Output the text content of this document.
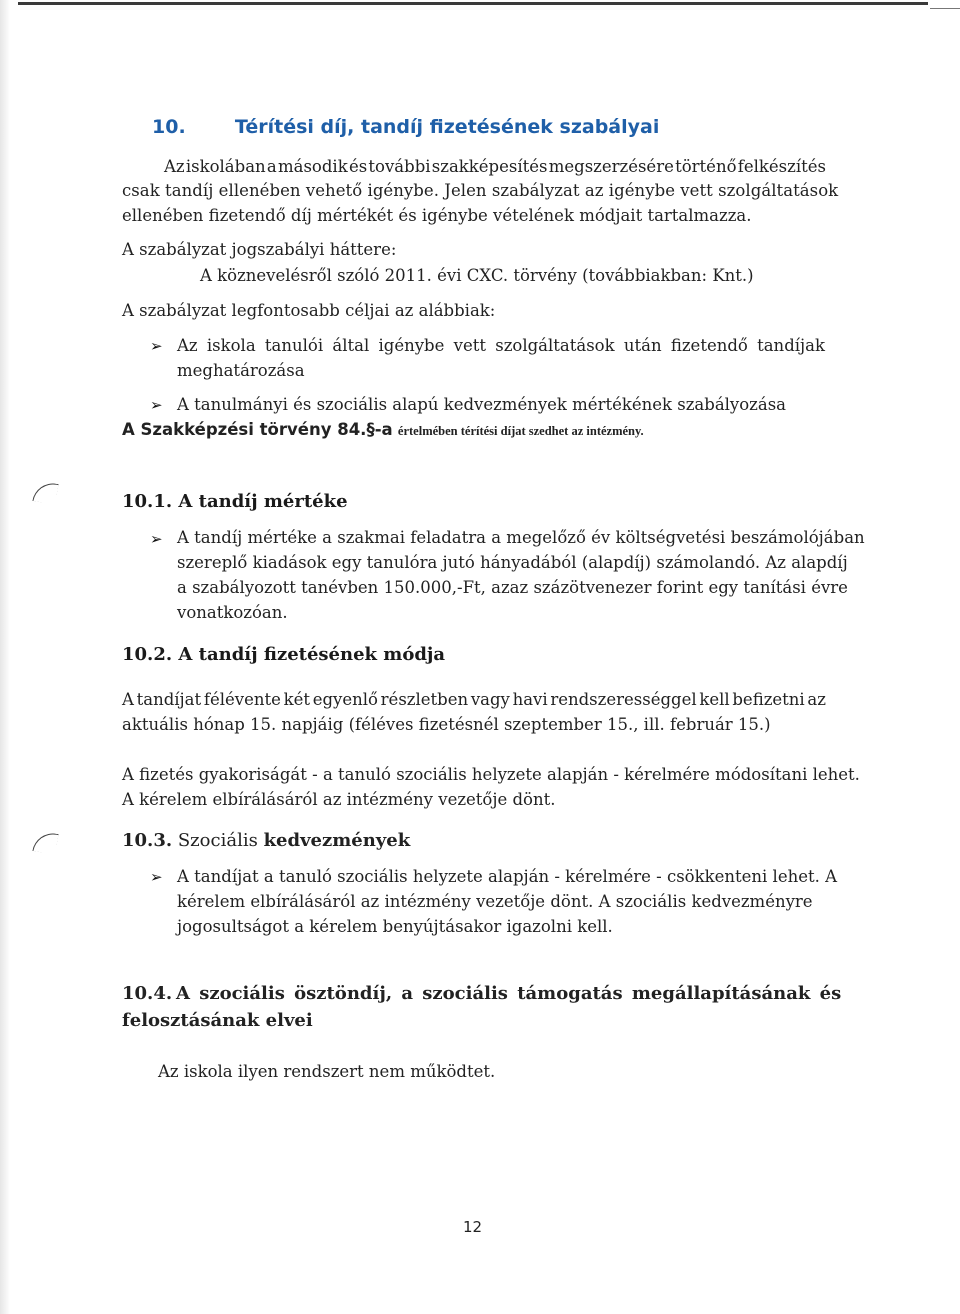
10.	Térítési díj, tandíj fizetésének szabályai
Az iskolában a második és további szakképesítés megszerzésére történő felkészítés
csak tandíj ellenében vehető igénybe. Jelen szabályzat az igénybe vett szolgáltatások
ellenében fizetendő díj mértékét és igénybe vételének módjait tartalmazza.
A szabályzat jogszabályi háttere:
A köznevelésről szóló 2011. évi CXC. törvény (továbbiakban: Knt.)
A szabályzat legfontosabb céljai az alábbiak:
➢ Az iskola tanulói által igénybe vett szolgáltatások után fizetendő tandíjak
meghatározása
➢ A tanulmányi és szociális alapú kedvezmények mértékének szabályozása
A Szakképzési törvény 84.§-a értelmében térítési díjat szedhet az intézmény.
10.1. A tandíj mértéke
➢ A tandíj mértéke a szakmai feladatra a megelőző év költségvetési beszámolójában
szereplő kiadások egy tanulóra jutó hányadából (alapdíj) számolandó. Az alapdíj
a szabályozott tanévben 150.000,-Ft, azaz százötvenezer forint egy tanítási évre
vonatkozóan.
10.2. A tandíj fizetésének módja
A tandíjat félévente két egyenlő részletben vagy havi rendszerességgel kell befizetni az
aktuális hónap 15. napjáig (féléves fizetésnél szeptember 15., ill. február 15.)
A fizetés gyakoriságát - a tanuló szociális helyzete alapján - kérelmére módosítani lehet.
A kérelem elbírálásáról az intézmény vezetője dönt.
10.3. Szociális kedvezmények
➢ A tandíjat a tanuló szociális helyzete alapján - kérelmére - csökkenteni lehet. A
kérelem elbírálásáról az intézmény vezetője dönt. A szociális kedvezményre
jogosultságot a kérelem benyújtásakor igazolni kell.
10.4. A szociális ösztöndíj, a szociális támogatás megállapításának és
felosztásának elvei
Az iskola ilyen rendszert nem működtet.
12
